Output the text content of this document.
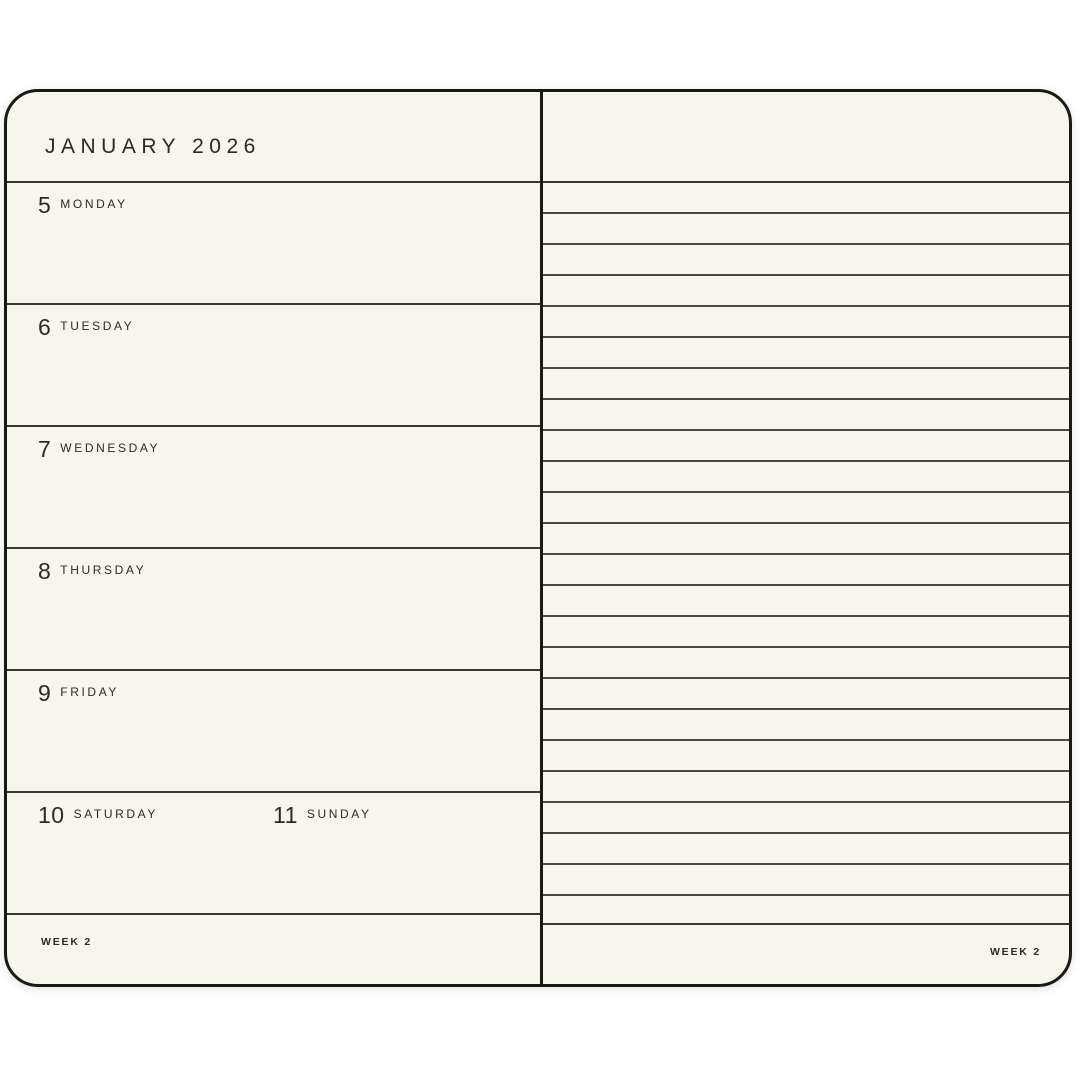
JANUARY 2026
5 MONDAY
6 TUESDAY
7 WEDNESDAY
8 THURSDAY
9 FRIDAY
10 SATURDAY	11 SUNDAY
WEEK 2
WEEK 2
